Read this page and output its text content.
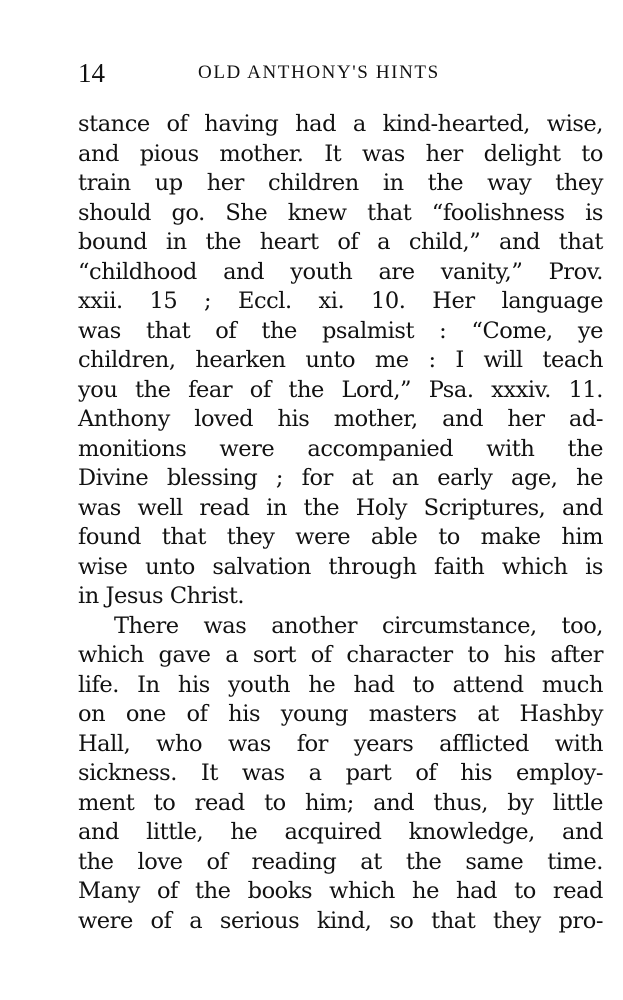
14	OLD ANTHONY'S HINTS

stance of having had a kind-hearted, wise,
and pious mother. It was her delight to
train up her children in the way they
should go. She knew that “foolishness is
bound in the heart of a child,” and that
“childhood and youth are vanity,” Prov.
xxii. 15 ; Eccl. xi. 10. Her language
was that of the psalmist : “Come, ye
children, hearken unto me : I will teach
you the fear of the Lord,” Psa. xxxiv. 11.
Anthony loved his mother, and her ad-
monitions were accompanied with the
Divine blessing ; for at an early age, he
was well read in the Holy Scriptures, and
found that they were able to make him
wise unto salvation through faith which is
in Jesus Christ.

There was another circumstance, too,
which gave a sort of character to his after
life. In his youth he had to attend much
on one of his young masters at Hashby
Hall, who was for years afflicted with
sickness. It was a part of his employ-
ment to read to him; and thus, by little
and little, he acquired knowledge, and
the love of reading at the same time.
Many of the books which he had to read
were of a serious kind, so that they pro-
